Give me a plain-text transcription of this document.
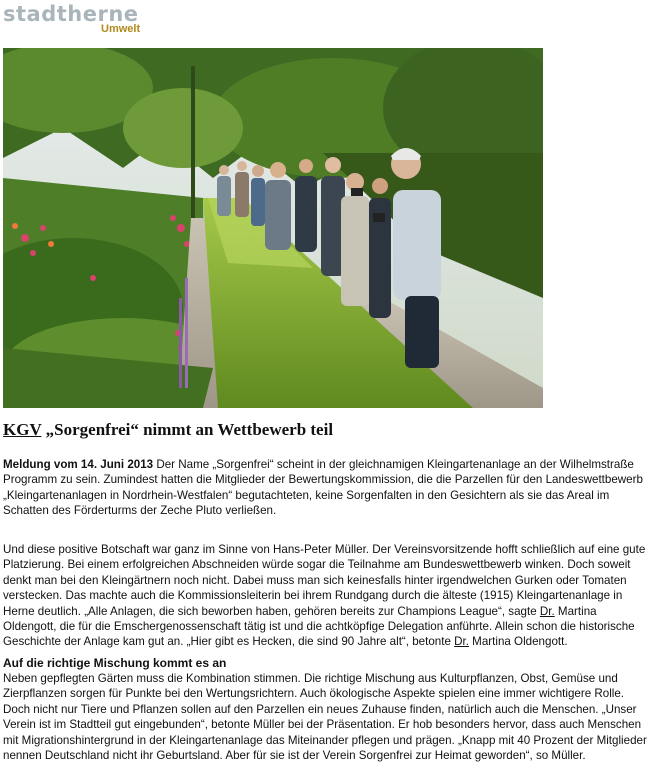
stadtherne
Umwelt
KGV „Sorgenfrei“ nimmt an Wettbewerb teil

Meldung vom 14. Juni 2013 Der Name „Sorgenfrei“ scheint in der gleichnamigen Kleingartenanlage an der Wilhelmstraße Programm zu sein. Zumindest hatten die Mitglieder der Bewertungskommission, die die Parzellen für den Landeswettbewerb „Kleingartenanlagen in Nordrhein-Westfalen“ begutachteten, keine Sorgenfalten in den Gesichtern als sie das Areal im Schatten des Förderturms der Zeche Pluto verließen.

Und diese positive Botschaft war ganz im Sinne von Hans-Peter Müller. Der Vereinsvorsitzende hofft schließlich auf eine gute Platzierung. Bei einem erfolgreichen Abschneiden würde sogar die Teilnahme am Bundeswettbewerb winken. Doch soweit denkt man bei den Kleingärtnern noch nicht. Dabei muss man sich keinesfalls hinter irgendwelchen Gurken oder Tomaten verstecken. Das machte auch die Kommissionsleiterin bei ihrem Rundgang durch die älteste (1915) Kleingartenanlage in Herne deutlich. „Alle Anlagen, die sich beworben haben, gehören bereits zur Champions League“, sagte Dr. Martina Oldengott, die für die Emschergenossenschaft tätig ist und die achtköpfige Delegation anführte. Allein schon die historische Geschichte der Anlage kam gut an. „Hier gibt es Hecken, die sind 90 Jahre alt“, betonte Dr. Martina Oldengott.

Auf die richtige Mischung kommt es an

Neben gepflegten Gärten muss die Kombination stimmen. Die richtige Mischung aus Kulturpflanzen, Obst, Gemüse und Zierpflanzen sorgen für Punkte bei den Wertungsrichtern. Auch ökologische Aspekte spielen eine immer wichtigere Rolle. Doch nicht nur Tiere und Pflanzen sollen auf den Parzellen ein neues Zuhause finden, natürlich auch die Menschen. „Unser Verein ist im Stadtteil gut eingebunden“, betonte Müller bei der Präsentation. Er hob besonders hervor, dass auch Menschen mit Migrationshintergrund in der Kleingartenanlage das Miteinander pflegen und prägen. „Knapp mit 40 Prozent der Mitglieder nennen Deutschland nicht ihr Geburtsland. Aber für sie ist der Verein Sorgenfrei zur Heimat geworden“, so Müller.
